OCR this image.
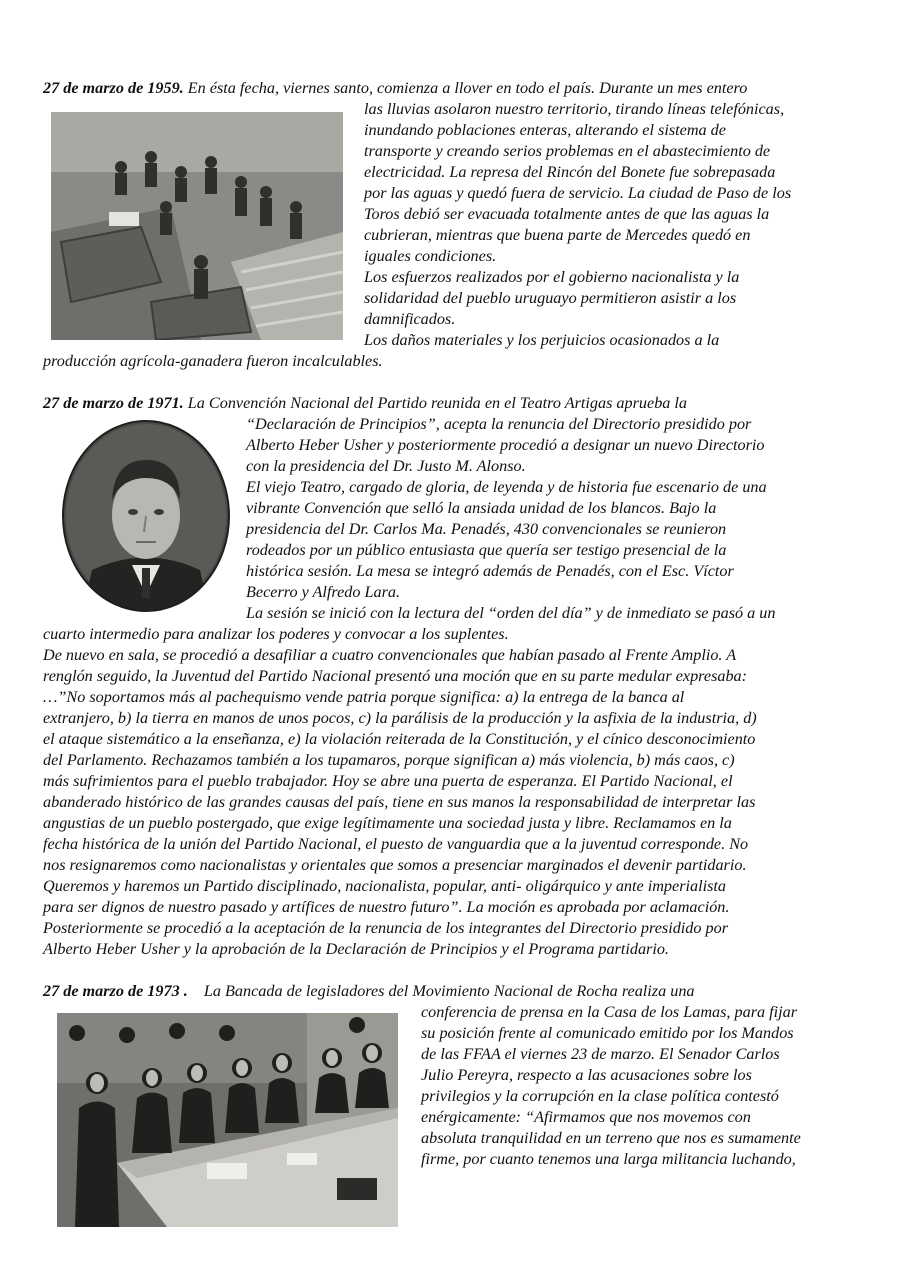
27 de marzo de 1959. En ésta fecha, viernes santo, comienza a llover en todo el país. Durante un mes entero
las lluvias asolaron nuestro territorio, tirando líneas telefónicas,
inundando poblaciones enteras, alterando el sistema de
transporte y creando serios problemas en el abastecimiento de
electricidad. La represa del Rincón del Bonete fue sobrepasada
por las aguas y quedó fuera de servicio. La ciudad de Paso de los
Toros debió ser evacuada totalmente antes de que las aguas la
cubrieran, mientras que buena parte de Mercedes quedó en
iguales condiciones.
Los esfuerzos realizados por el gobierno nacionalista y la
solidaridad del pueblo uruguayo permitieron asistir a los
damnificados.
Los daños materiales y los perjuicios ocasionados a la
producción agrícola-ganadera fueron incalculables.
27 de marzo de 1971. La Convención Nacional del Partido reunida en el Teatro Artigas aprueba la
“Declaración de Principios”, acepta la renuncia del Directorio presidido por
Alberto Heber Usher y posteriormente procedió a designar un nuevo Directorio
con la presidencia del Dr. Justo M. Alonso.
El viejo Teatro, cargado de gloria, de leyenda y de historia fue escenario de una
vibrante Convención que selló la ansiada unidad de los blancos. Bajo la
presidencia del Dr. Carlos Ma. Penadés, 430 convencionales se reunieron
rodeados por un público entusiasta que quería ser testigo presencial de la
histórica sesión. La mesa se integró además de Penadés, con el Esc. Víctor
Becerro y Alfredo Lara.
La sesión se inició con la lectura del “orden del día” y de inmediato se pasó a un
cuarto intermedio para analizar los poderes y convocar a los suplentes.
De nuevo en sala, se procedió a desafiliar a cuatro convencionales que habían pasado al Frente Amplio. A
renglón seguido, la Juventud del Partido Nacional presentó una moción que en su parte medular expresaba:
…”No soportamos más al pachequismo vende patria porque significa: a) la entrega de la banca al
extranjero, b) la tierra en manos de unos pocos, c) la parálisis de la producción y la asfixia de la industria, d)
el ataque sistemático a la enseñanza, e) la violación reiterada de la Constitución, y el cínico desconocimiento
del Parlamento. Rechazamos también a los tupamaros, porque significan a) más violencia, b) más caos, c)
más sufrimientos para el pueblo trabajador. Hoy se abre una puerta de esperanza. El Partido Nacional, el
abanderado histórico de las grandes causas del país, tiene en sus manos la responsabilidad de interpretar las
angustias de un pueblo postergado, que exige legítimamente una sociedad justa y libre. Reclamamos en la
fecha histórica de la unión del Partido Nacional, el puesto de vanguardia que a la juventud corresponde. No
nos resignaremos como nacionalistas y orientales que somos a presenciar marginados el devenir partidario.
Queremos y haremos un Partido disciplinado, nacionalista, popular, anti- oligárquico y ante imperialista
para ser dignos de nuestro pasado y artífices de nuestro futuro”. La moción es aprobada por aclamación.
Posteriormente se procedió a la aceptación de la renuncia de los integrantes del Directorio presidido por
Alberto Heber Usher y la aprobación de la Declaración de Principios y el Programa partidario.
27 de marzo de 1973 . La Bancada de legisladores del Movimiento Nacional de Rocha realiza una
conferencia de prensa en la Casa de los Lamas, para fijar
su posición frente al comunicado emitido por los Mandos
de las FFAA el viernes 23 de marzo. El Senador Carlos
Julio Pereyra, respecto a las acusaciones sobre los
privilegios y la corrupción en la clase política contestó
enérgicamente: “Afirmamos que nos movemos con
absoluta tranquilidad en un terreno que nos es sumamente
firme, por cuanto tenemos una larga militancia luchando,
